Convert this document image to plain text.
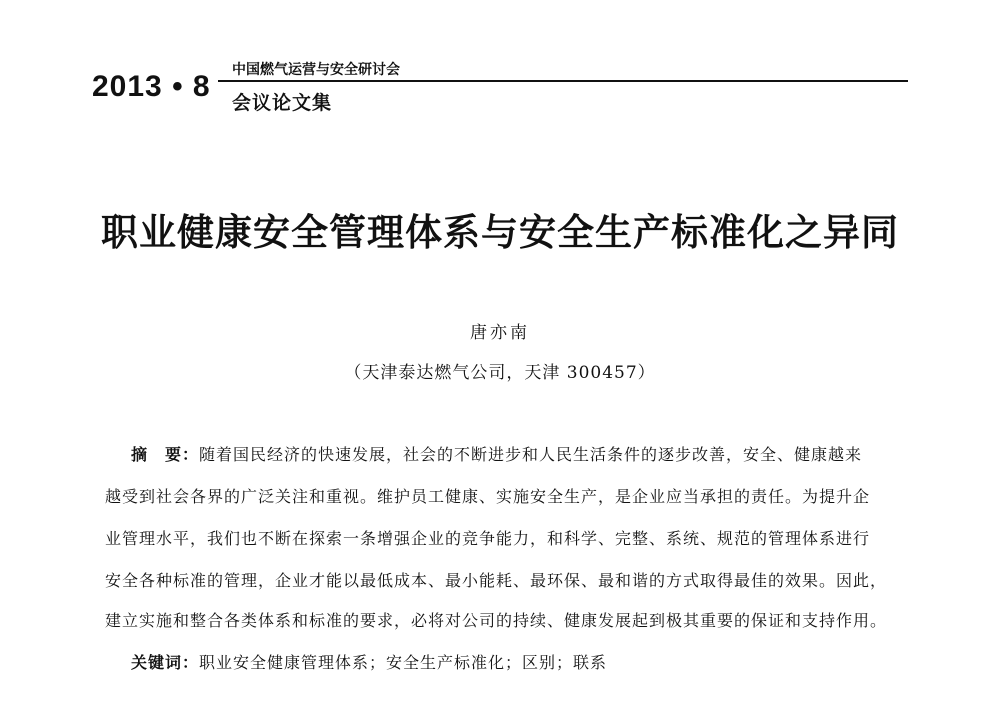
2013 • 8 中国燃气运营与安全研讨会
会议论文集
职业健康安全管理体系与安全生产标准化之异同
唐亦南
（天津泰达燃气公司，天津 300457）
摘　要：随着国民经济的快速发展，社会的不断进步和人民生活条件的逐步改善，安全、健康越来
越受到社会各界的广泛关注和重视。维护员工健康、实施安全生产，是企业应当承担的责任。为提升企
业管理水平，我们也不断在探索一条增强企业的竞争能力，和科学、完整、系统、规范的管理体系进行
安全各种标准的管理，企业才能以最低成本、最小能耗、最环保、最和谐的方式取得最佳的效果。因此，
建立实施和整合各类体系和标准的要求，必将对公司的持续、健康发展起到极其重要的保证和支持作用。
关键词：职业安全健康管理体系；安全生产标准化；区别；联系
